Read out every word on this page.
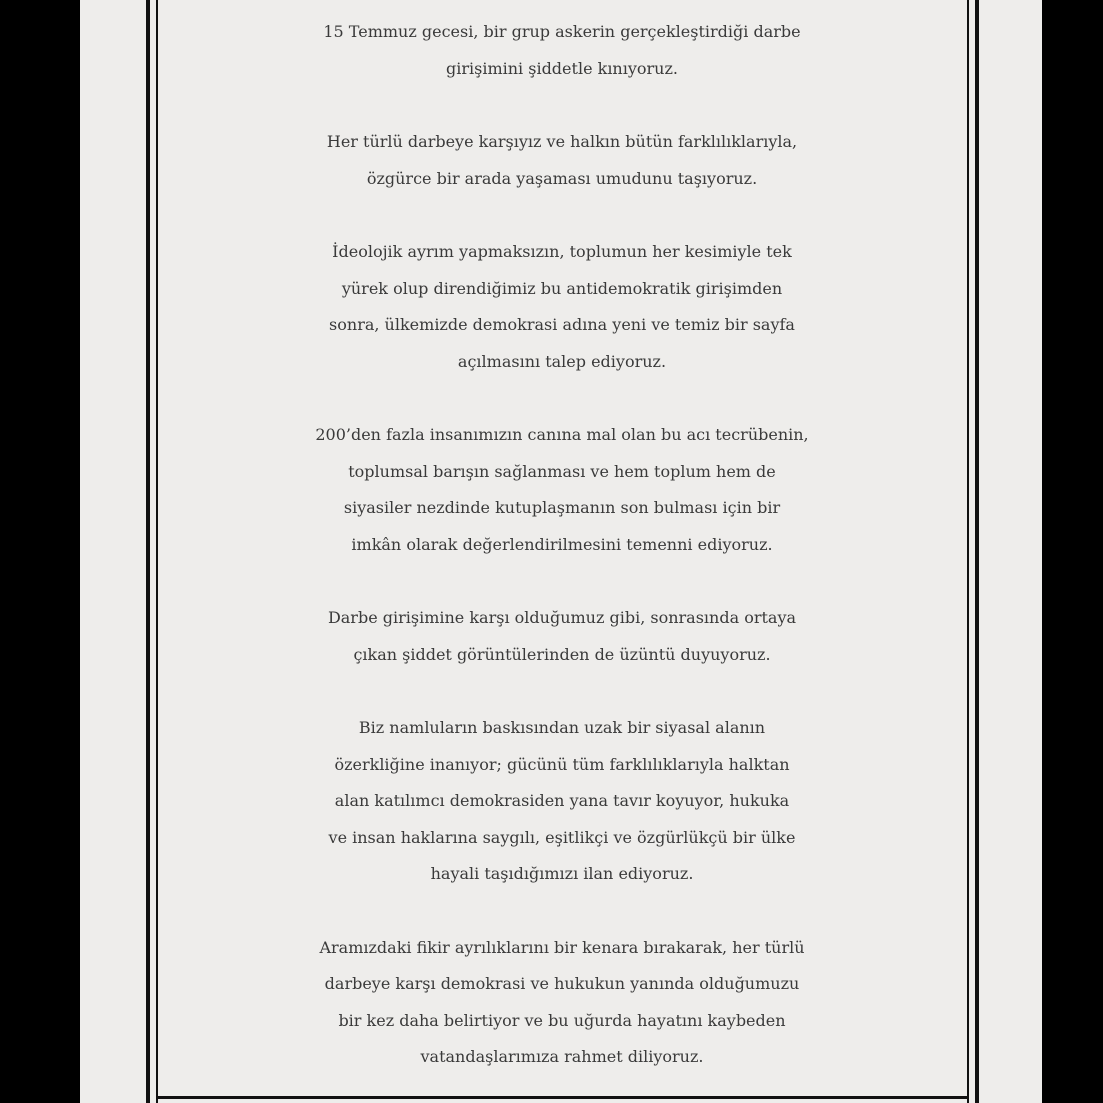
15 Temmuz gecesi, bir grup askerin gerçekleştirdiği darbe
girişimini şiddetle kınıyoruz.

Her türlü darbeye karşıyız ve halkın bütün farklılıklarıyla,
özgürce bir arada yaşaması umudunu taşıyoruz.

İdeolojik ayrım yapmaksızın, toplumun her kesimiyle tek
yürek olup direndiğimiz bu antidemokratik girişimden
sonra, ülkemizde demokrasi adına yeni ve temiz bir sayfa
açılmasını talep ediyoruz.

200’den fazla insanımızın canına mal olan bu acı tecrübenin,
toplumsal barışın sağlanması ve hem toplum hem de
siyasiler nezdinde kutuplaşmanın son bulması için bir
imkân olarak değerlendirilmesini temenni ediyoruz.

Darbe girişimine karşı olduğumuz gibi, sonrasında ortaya
çıkan şiddet görüntülerinden de üzüntü duyuyoruz.

Biz namluların baskısından uzak bir siyasal alanın
özerkliğine inanıyor; gücünü tüm farklılıklarıyla halktan
alan katılımcı demokrasiden yana tavır koyuyor, hukuka
ve insan haklarına saygılı, eşitlikçi ve özgürlükçü bir ülke
hayali taşıdığımızı ilan ediyoruz.

Aramızdaki fikir ayrılıklarını bir kenara bırakarak, her türlü
darbeye karşı demokrasi ve hukukun yanında olduğumuzu
bir kez daha belirtiyor ve bu uğurda hayatını kaybeden
vatandaşlarımıza rahmet diliyoruz.
